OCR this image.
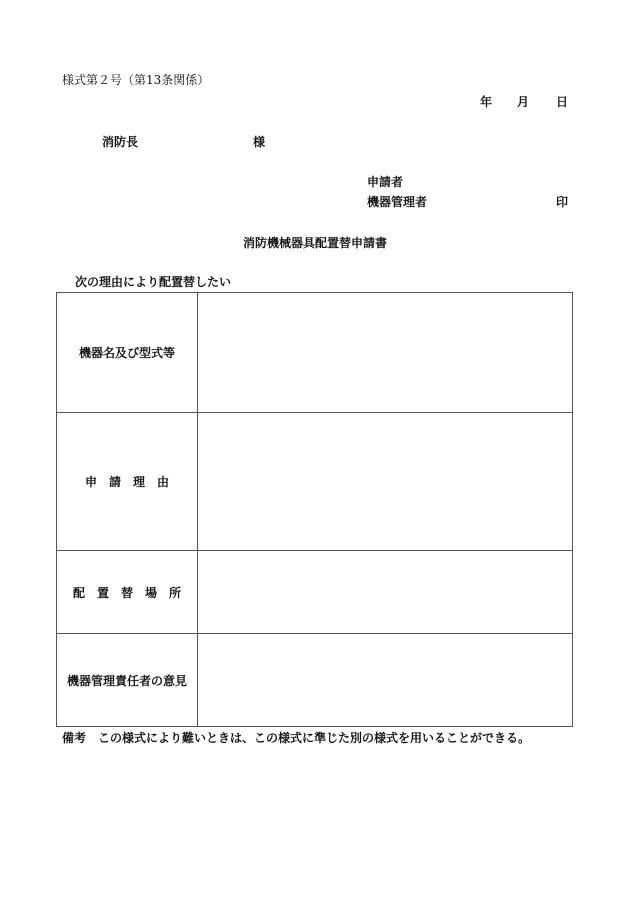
様式第２号（第13条関係）
年 月 日
消防長	様
申請者
機器管理者	印
消防機械器具配置替申請書
次の理由により配置替したい
機器名及び型式等	
申　請　理　由	
配　置　替　場　所	
機器管理責任者の意見	
備考　この様式により難いときは、この様式に準じた別の様式を用いることができる。
